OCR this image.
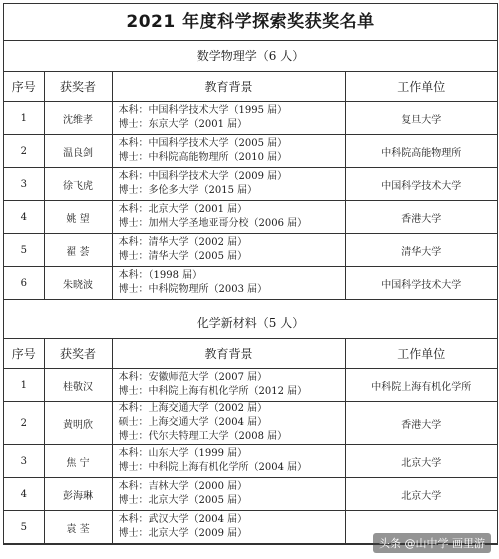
2021 年度科学探索奖获奖名单
数学物理学（6 人）
序号	获奖者	教育背景	工作单位
1	沈维孝	本科：中国科学技术大学（1995 届）
博士：东京大学（2001 届）	复旦大学
2	温良剑	本科：中国科学技术大学（2005 届）
博士：中科院高能物理所（2010 届）	中科院高能物理所
3	徐飞虎	本科：中国科学技术大学（2009 届）
博士：多伦多大学（2015 届）	中国科学技术大学
4	姚 望	本科：北京大学（2001 届）
博士：加州大学圣地亚哥分校（2006 届）	香港大学
5	翟 荟	本科：清华大学（2002 届）
博士：清华大学（2005 届）	清华大学
6	朱晓波	本科：（1998 届）
博士：中科院物理所（2003 届）	中国科学技术大学
化学新材料（5 人）
序号	获奖者	教育背景	工作单位
1	桂敬汉	本科：安徽师范大学（2007 届）
博士：中科院上海有机化学所（2012 届）	中科院上海有机化学所
2	黄明欣	本科：上海交通大学（2002 届）
硕士：上海交通大学（2004 届）
博士：代尔夫特理工大学（2008 届）	香港大学
3	焦 宁	本科：山东大学（1999 届）
博士：中科院上海有机化学所（2004 届）	北京大学
4	彭海琳	本科：吉林大学（2000 届）
博士：北京大学（2005 届）	北京大学
5	袁 荃	本科：武汉大学（2004 届）
博士：北京大学（2009 届）	

头条 @山中学 画里游
